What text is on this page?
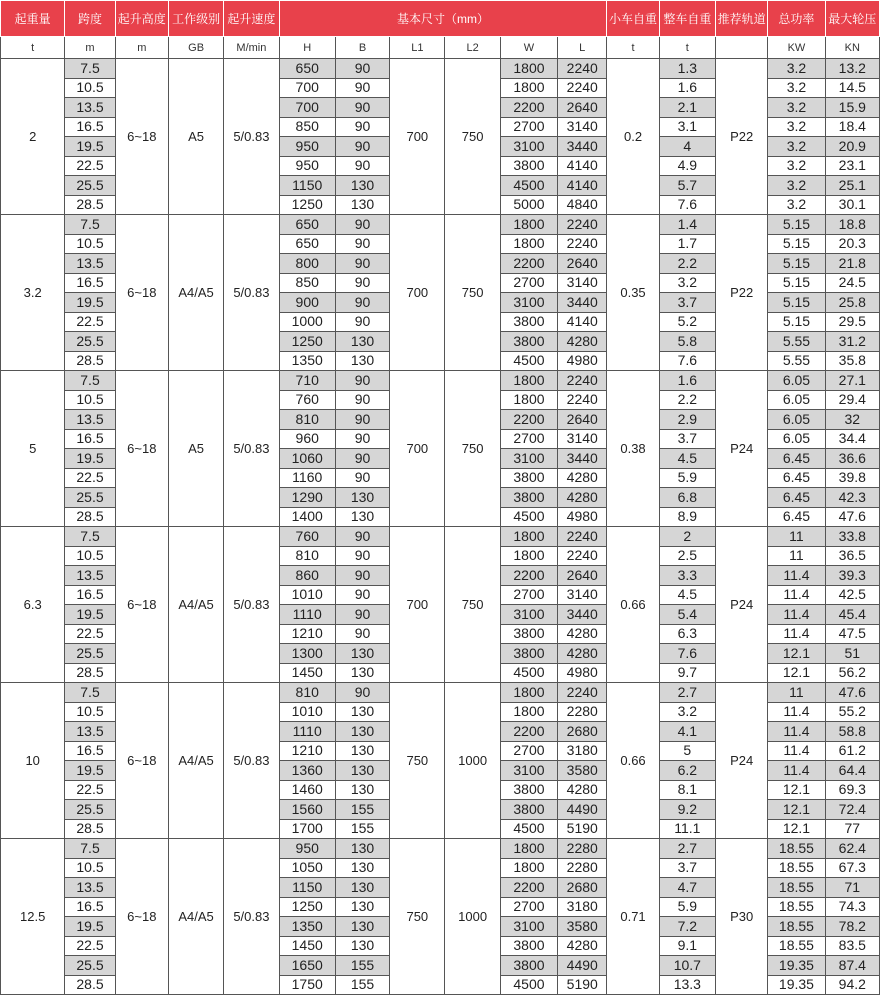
起重量	跨度	起升高度	工作级别	起升速度	基本尺寸（mm）						小车自重	整车自重	推荐轨道	总功率	最大轮压
t	m	m	GB	M/min	H	B	L1	L2	W	L	t	t		KW	KN
2	7.5	6~18	A5	5/0.83	650	90	700	750	1800	2240	0.2	1.3	P22	3.2	13.2
	10.5				700	90			1800	2240		1.6		3.2	14.5
	13.5				700	90			2200	2640		2.1		3.2	15.9
	16.5				850	90			2700	3140		3.1		3.2	18.4
	19.5				950	90			3100	3440		4		3.2	20.9
	22.5				950	90			3800	4140		4.9		3.2	23.1
	25.5				1150	130			4500	4140		5.7		3.2	25.1
	28.5				1250	130			5000	4840		7.6		3.2	30.1
3.2	7.5	6~18	A4/A5	5/0.83	650	90	700	750	1800	2240	0.35	1.4	P22	5.15	18.8
	10.5				650	90			1800	2240		1.7		5.15	20.3
	13.5				800	90			2200	2640		2.2		5.15	21.8
	16.5				850	90			2700	3140		3.2		5.15	24.5
	19.5				900	90			3100	3440		3.7		5.15	25.8
	22.5				1000	90			3800	4140		5.2		5.15	29.5
	25.5				1250	130			3800	4280		5.8		5.55	31.2
	28.5				1350	130			4500	4980		7.6		5.55	35.8
5	7.5	6~18	A5	5/0.83	710	90	700	750	1800	2240	0.38	1.6	P24	6.05	27.1
	10.5				760	90			1800	2240		2.2		6.05	29.4
	13.5				810	90			2200	2640		2.9		6.05	32
	16.5				960	90			2700	3140		3.7		6.05	34.4
	19.5				1060	90			3100	3440		4.5		6.45	36.6
	22.5				1160	90			3800	4280		5.9		6.45	39.8
	25.5				1290	130			3800	4280		6.8		6.45	42.3
	28.5				1400	130			4500	4980		8.9		6.45	47.6
6.3	7.5	6~18	A4/A5	5/0.83	760	90	700	750	1800	2240	0.66	2	P24	11	33.8
	10.5				810	90			1800	2240		2.5		11	36.5
	13.5				860	90			2200	2640		3.3		11.4	39.3
	16.5				1010	90			2700	3140		4.5		11.4	42.5
	19.5				1110	90			3100	3440		5.4		11.4	45.4
	22.5				1210	90			3800	4280		6.3		11.4	47.5
	25.5				1300	130			3800	4280		7.6		12.1	51
	28.5				1450	130			4500	4980		9.7		12.1	56.2
10	7.5	6~18	A4/A5	5/0.83	810	90	750	1000	1800	2240	0.66	2.7	P24	11	47.6
	10.5				1010	130			1800	2280		3.2		11.4	55.2
	13.5				1110	130			2200	2680		4.1		11.4	58.8
	16.5				1210	130			2700	3180		5		11.4	61.2
	19.5				1360	130			3100	3580		6.2		11.4	64.4
	22.5				1460	130			3800	4280		8.1		12.1	69.3
	25.5				1560	155			3800	4490		9.2		12.1	72.4
	28.5				1700	155			4500	5190		11.1		12.1	77
12.5	7.5	6~18	A4/A5	5/0.83	950	130	750	1000	1800	2280	0.71	2.7	P30	18.55	62.4
	10.5				1050	130			1800	2280		3.7		18.55	67.3
	13.5				1150	130			2200	2680		4.7		18.55	71
	16.5				1250	130			2700	3180		5.9		18.55	74.3
	19.5				1350	130			3100	3580		7.2		18.55	78.2
	22.5				1450	130			3800	4280		9.1		18.55	83.5
	25.5				1650	155			3800	4490		10.7		19.35	87.4
	28.5				1750	155			4500	5190		13.3		19.35	94.2
